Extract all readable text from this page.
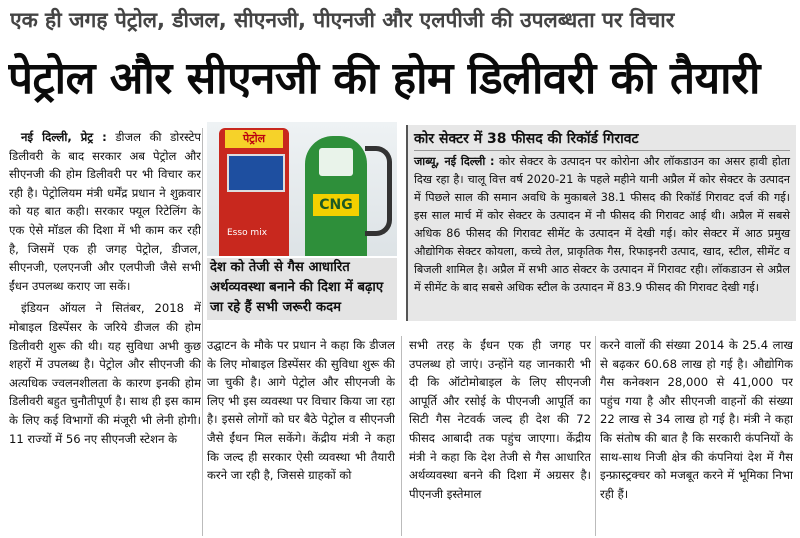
एक ही जगह पेट्रोल, डीजल, सीएनजी, पीएनजी और एलपीजी की उपलब्धता पर विचार
पेट्रोल और सीएनजी की होम डिलीवरी की तैयारी

नई दिल्ली, प्रेट्र : डीजल की डोरस्टेप डिलीवरी के बाद सरकार अब पेट्रोल और सीएनजी की होम डिलीवरी पर भी विचार कर रही है। पेट्रोलियम मंत्री धर्मेंद्र प्रधान ने शुक्रवार को यह बात कही। सरकार फ्यूल रिटेलिंग के एक ऐसे मॉडल की दिशा में भी काम कर रही है, जिसमें एक ही जगह पेट्रोल, डीजल, सीएनजी, एलएनजी और एलपीजी जैसे सभी ईंधन उपलब्ध कराए जा सकें।

इंडियन ऑयल ने सितंबर, 2018 में मोबाइल डिस्पेंसर के जरिये डीजल की होम डिलीवरी शुरू की थी। यह सुविधा अभी कुछ शहरों में उपलब्ध है। पेट्रोल और सीएनजी की अत्यधिक ज्वलनशीलता के कारण इनकी होम डिलीवरी बहुत चुनौतीपूर्ण है। साथ ही इस काम के लिए कई विभागों की मंजूरी भी लेनी होगी। 11 राज्यों में 56 नए सीएनजी स्टेशन के

पेट्रोल
Esso mix
CNG
देश को तेजी से गैस आधारित अर्थव्यवस्था बनाने की दिशा में बढ़ाए जा रहे हैं सभी जरूरी कदम
कोर सेक्टर में 38 फीसद की रिकॉर्ड गिरावट

जाब्यू, नई दिल्ली : कोर सेक्टर के उत्पादन पर कोरोना और लॉकडाउन का असर हावी होता दिख रहा है। चालू वित्त वर्ष 2020-21 के पहले महीने यानी अप्रैल में कोर सेक्टर के उत्पादन में पिछले साल की समान अवधि के मुकाबले 38.1 फीसद की रिकॉर्ड गिरावट दर्ज की गई। इस साल मार्च में कोर सेक्टर के उत्पादन में नौ फीसद की गिरावट आई थी। अप्रैल में सबसे अधिक 86 फीसद की गिरावट सीमेंट के उत्पादन में देखी गई। कोर सेक्टर में आठ प्रमुख औद्योगिक सेक्टर कोयला, कच्चे तेल, प्राकृतिक गैस, रिफाइनरी उत्पाद, खाद, स्टील, सीमेंट व बिजली शामिल है। अप्रैल में सभी आठ सेक्टर के उत्पादन में गिरावट रही। लॉकडाउन से अप्रैल में सीमेंट के बाद सबसे अधिक स्टील के उत्पादन में 83.9 फीसद की गिरावट देखी गई।

उद्घाटन के मौके पर प्रधान ने कहा कि डीजल के लिए मोबाइल डिस्पेंसर की सुविधा शुरू की जा चुकी है। आगे पेट्रोल और सीएनजी के लिए भी इस व्यवस्था पर विचार किया जा रहा है। इससे लोगों को घर बैठे पेट्रोल व सीएनजी जैसे ईंधन मिल सकेंगे। केंद्रीय मंत्री ने कहा कि जल्द ही सरकार ऐसी व्यवस्था भी तैयारी करने जा रही है, जिससे ग्राहकों को

सभी तरह के ईंधन एक ही जगह पर उपलब्ध हो जाएं। उन्होंने यह जानकारी भी दी कि ऑटोमोबाइल के लिए सीएनजी आपूर्ति और रसोई के पीएनजी आपूर्ति का सिटी गैस नेटवर्क जल्द ही देश की 72 फीसद आबादी तक पहुंच जाएगा। केंद्रीय मंत्री ने कहा कि देश तेजी से गैस आधारित अर्थव्यवस्था बनने की दिशा में अग्रसर है। पीएनजी इस्तेमाल

करने वालों की संख्या 2014 के 25.4 लाख से बढ़कर 60.68 लाख हो गई है। औद्योगिक गैस कनेक्शन 28,000 से 41,000 पर पहुंच गया है और सीएनजी वाहनों की संख्या 22 लाख से 34 लाख हो गई है। मंत्री ने कहा कि संतोष की बात है कि सरकारी कंपनियों के साथ-साथ निजी क्षेत्र की कंपनियां देश में गैस इन्फ्रास्ट्रक्चर को मजबूत करने में भूमिका निभा रही हैं।
